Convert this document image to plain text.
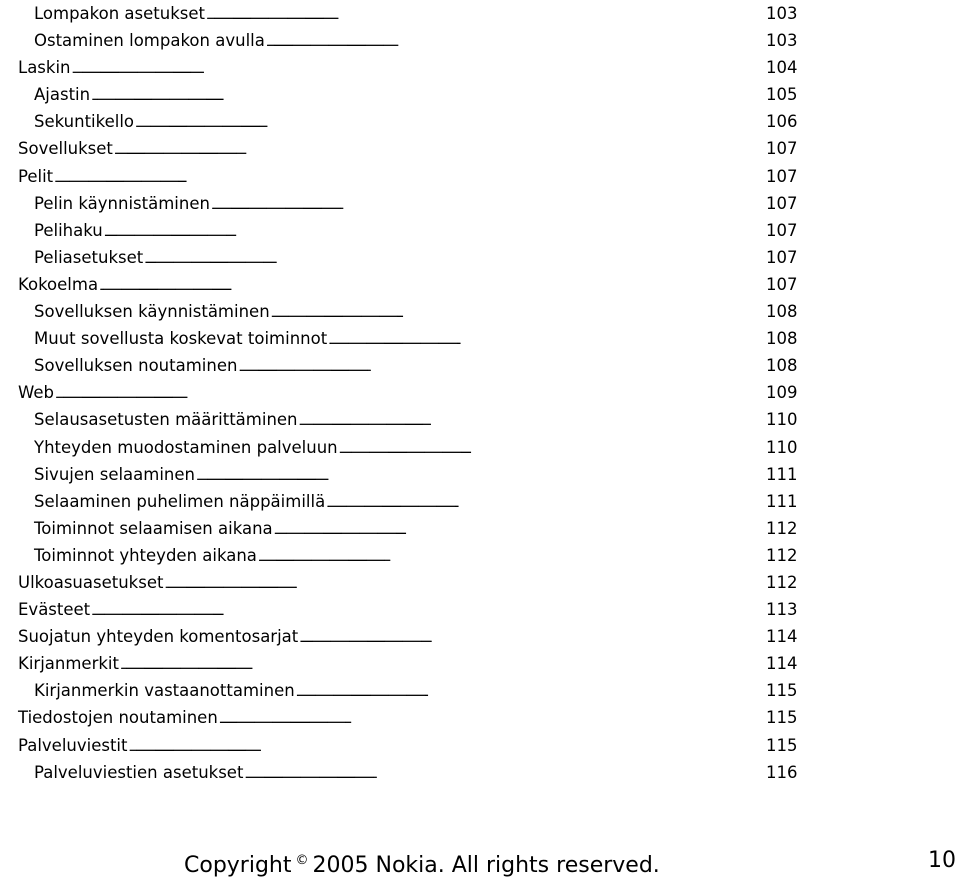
Lompakon asetukset . . .	103
Ostaminen lompakon avulla . . .	103
Laskin . . .	104
Ajastin . . .	105
Sekuntikello . . .	106
Sovellukset . . .	107
Pelit . . .	107
Pelin käynnistäminen . . .	107
Pelihaku . . .	107
Peliasetukset . . .	107
Kokoelma . . .	107
Sovelluksen käynnistäminen . . .	108
Muut sovellusta koskevat toiminnot . . .	108
Sovelluksen noutaminen . . .	108
Web . . .	109
Selausasetusten määrittäminen . . .	110
Yhteyden muodostaminen palveluun . . .	110
Sivujen selaaminen . . .	111
Selaaminen puhelimen näppäimillä . . .	111
Toiminnot selaamisen aikana . . .	112
Toiminnot yhteyden aikana . . .	112
Ulkoasuasetukset . . .	112
Evästeet . . .	113
Suojatun yhteyden komentosarjat . . .	114
Kirjanmerkit . . .	114
Kirjanmerkin vastaanottaminen . . .	115
Tiedostojen noutaminen . . .	115
Palveluviestit . . .	115
Palveluviestien asetukset . . .	116
Copyright © 2005 Nokia. All rights reserved.	10
